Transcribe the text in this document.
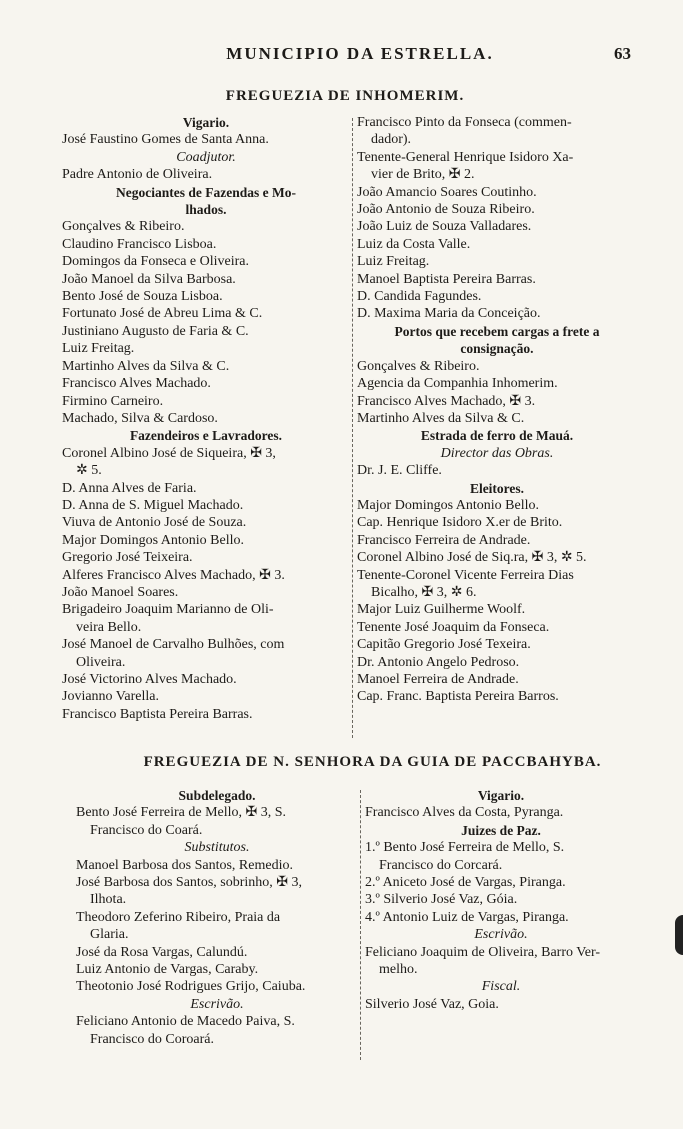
MUNICIPIO DA ESTRELLA.	63
FREGUEZIA DE INHOMERIM.
Vigario.
José Faustino Gomes de Santa Anna.
Coadjutor.
Padre Antonio de Oliveira.
Negociantes de Fazendas e Mo-
lhados.
Gonçalves & Ribeiro.
Claudino Francisco Lisboa.
Domingos da Fonseca e Oliveira.
João Manoel da Silva Barbosa.
Bento José de Souza Lisboa.
Fortunato José de Abreu Lima & C.
Justiniano Augusto de Faria & C.
Luiz Freitag.
Martinho Alves da Silva & C.
Francisco Alves Machado.
Firmino Carneiro.
Machado, Silva & Cardoso.
Fazendeiros e Lavradores.
Coronel Albino José de Siqueira, ✠ 3,
✲ 5.
D. Anna Alves de Faria.
D. Anna de S. Miguel Machado.
Viuva de Antonio José de Souza.
Major Domingos Antonio Bello.
Gregorio José Teixeira.
Alferes Francisco Alves Machado, ✠ 3.
João Manoel Soares.
Brigadeiro Joaquim Marianno de Oli-
veira Bello.
José Manoel de Carvalho Bulhões, com
Oliveira.
José Victorino Alves Machado.
Jovianno Varella.
Francisco Baptista Pereira Barras.
Francisco Pinto da Fonseca (commen-
dador).
Tenente-General Henrique Isidoro Xa-
vier de Brito, ✠ 2.
João Amancio Soares Coutinho.
João Antonio de Souza Ribeiro.
João Luiz de Souza Valladares.
Luiz da Costa Valle.
Luiz Freitag.
Manoel Baptista Pereira Barras.
D. Candida Fagundes.
D. Maxima Maria da Conceição.
Portos que recebem cargas a frete a
consignação.
Gonçalves & Ribeiro.
Agencia da Companhia Inhomerim.
Francisco Alves Machado, ✠ 3.
Martinho Alves da Silva & C.
Estrada de ferro de Mauá.
Director das Obras.
Dr. J. E. Cliffe.
Eleitores.
Major Domingos Antonio Bello.
Cap. Henrique Isidoro X.er de Brito.
Francisco Ferreira de Andrade.
Coronel Albino José de Siq.ra, ✠ 3, ✲ 5.
Tenente-Coronel Vicente Ferreira Dias
Bicalho, ✠ 3, ✲ 6.
Major Luiz Guilherme Woolf.
Tenente José Joaquim da Fonseca.
Capitão Gregorio José Texeira.
Dr. Antonio Angelo Pedroso.
Manoel Ferreira de Andrade.
Cap. Franc. Baptista Pereira Barros.
FREGUEZIA DE N. SENHORA DA GUIA DE PACCBAHYBA.
Subdelegado.
Bento José Ferreira de Mello, ✠ 3, S.
Francisco do Coará.
Substitutos.
Manoel Barbosa dos Santos, Remedio.
José Barbosa dos Santos, sobrinho, ✠ 3,
Ilhota.
Theodoro Zeferino Ribeiro, Praia da
Glaria.
José da Rosa Vargas, Calundú.
Luiz Antonio de Vargas, Caraby.
Theotonio José Rodrigues Grijo, Caiuba.
Escrivão.
Feliciano Antonio de Macedo Paiva, S.
Francisco do Coroará.
Vigario.
Francisco Alves da Costa, Pyranga.
Juizes de Paz.
1.º Bento José Ferreira de Mello, S.
Francisco do Corcará.
2.º Aniceto José de Vargas, Piranga.
3.º Silverio José Vaz, Góia.
4.º Antonio Luiz de Vargas, Piranga.
Escrivão.
Feliciano Joaquim de Oliveira, Barro Ver-
melho.
Fiscal.
Silverio José Vaz, Goia.
